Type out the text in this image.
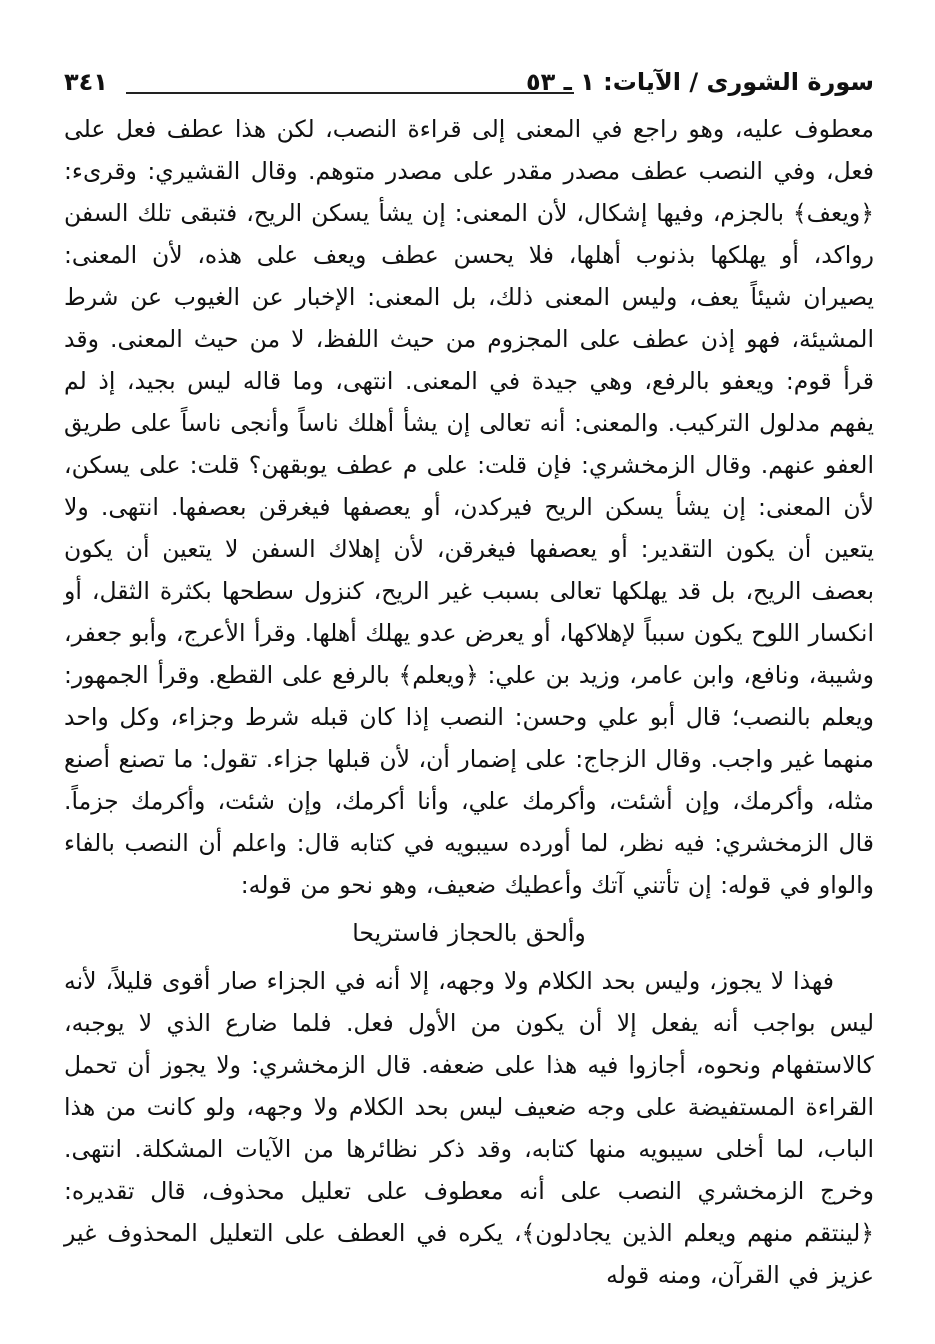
سورة الشورى / الآيات: ١ ـ ٥٣
٣٤١

معطوف عليه، وهو راجع في المعنى إلى قراءة النصب، لكن هذا عطف فعل على فعل، وفي النصب عطف مصدر مقدر على مصدر متوهم. وقال القشيري: وقرىء: ﴿ويعف﴾ بالجزم، وفيها إشكال، لأن المعنى: إن يشأ يسكن الريح، فتبقى تلك السفن رواكد، أو يهلكها بذنوب أهلها، فلا يحسن عطف ويعف على هذه، لأن المعنى: يصيران شيئاً يعف، وليس المعنى ذلك، بل المعنى: الإخبار عن الغيوب عن شرط المشيئة، فهو إذن عطف على المجزوم من حيث اللفظ، لا من حيث المعنى. وقد قرأ قوم: ويعفو بالرفع، وهي جيدة في المعنى. انتهى، وما قاله ليس بجيد، إذ لم يفهم مدلول التركيب. والمعنى: أنه تعالى إن يشأ أهلك ناساً وأنجى ناساً على طريق العفو عنهم. وقال الزمخشري: فإن قلت: على م عطف يوبقهن؟ قلت: على يسكن، لأن المعنى: إن يشأ يسكن الريح فيركدن، أو يعصفها فيغرقن بعصفها. انتهى. ولا يتعين أن يكون التقدير: أو يعصفها فيغرقن، لأن إهلاك السفن لا يتعين أن يكون بعصف الريح، بل قد يهلكها تعالى بسبب غير الريح، كنزول سطحها بكثرة الثقل، أو انكسار اللوح يكون سبباً لإهلاكها، أو يعرض عدو يهلك أهلها. وقرأ الأعرج، وأبو جعفر، وشيبة، ونافع، وابن عامر، وزيد بن علي: ﴿ويعلم﴾ بالرفع على القطع. وقرأ الجمهور: ويعلم بالنصب؛ قال أبو علي وحسن: النصب إذا كان قبله شرط وجزاء، وكل واحد منهما غير واجب. وقال الزجاج: على إضمار أن، لأن قبلها جزاء. تقول: ما تصنع أصنع مثله، وأكرمك، وإن أشئت، وأكرمك علي، وأنا أكرمك، وإن شئت، وأكرمك جزماً. قال الزمخشري: فيه نظر، لما أورده سيبويه في كتابه قال: واعلم أن النصب بالفاء والواو في قوله: إن تأتني آتك وأعطيك ضعيف، وهو نحو من قوله:

وألحق بالحجاز فاستريحا

فهذا لا يجوز، وليس بحد الكلام ولا وجهه، إلا أنه في الجزاء صار أقوى قليلاً، لأنه ليس بواجب أنه يفعل إلا أن يكون من الأول فعل. فلما ضارع الذي لا يوجبه، كالاستفهام ونحوه، أجازوا فيه هذا على ضعفه. قال الزمخشري: ولا يجوز أن تحمل القراءة المستفيضة على وجه ضعيف ليس بحد الكلام ولا وجهه، ولو كانت من هذا الباب، لما أخلى سيبويه منها كتابه، وقد ذكر نظائرها من الآيات المشكلة. انتهى. وخرج الزمخشري النصب على أنه معطوف على تعليل محذوف، قال تقديره: ﴿لينتقم منهم ويعلم الذين يجادلون﴾، يكره في العطف على التعليل المحذوف غير عزيز في القرآن، ومنه قوله
